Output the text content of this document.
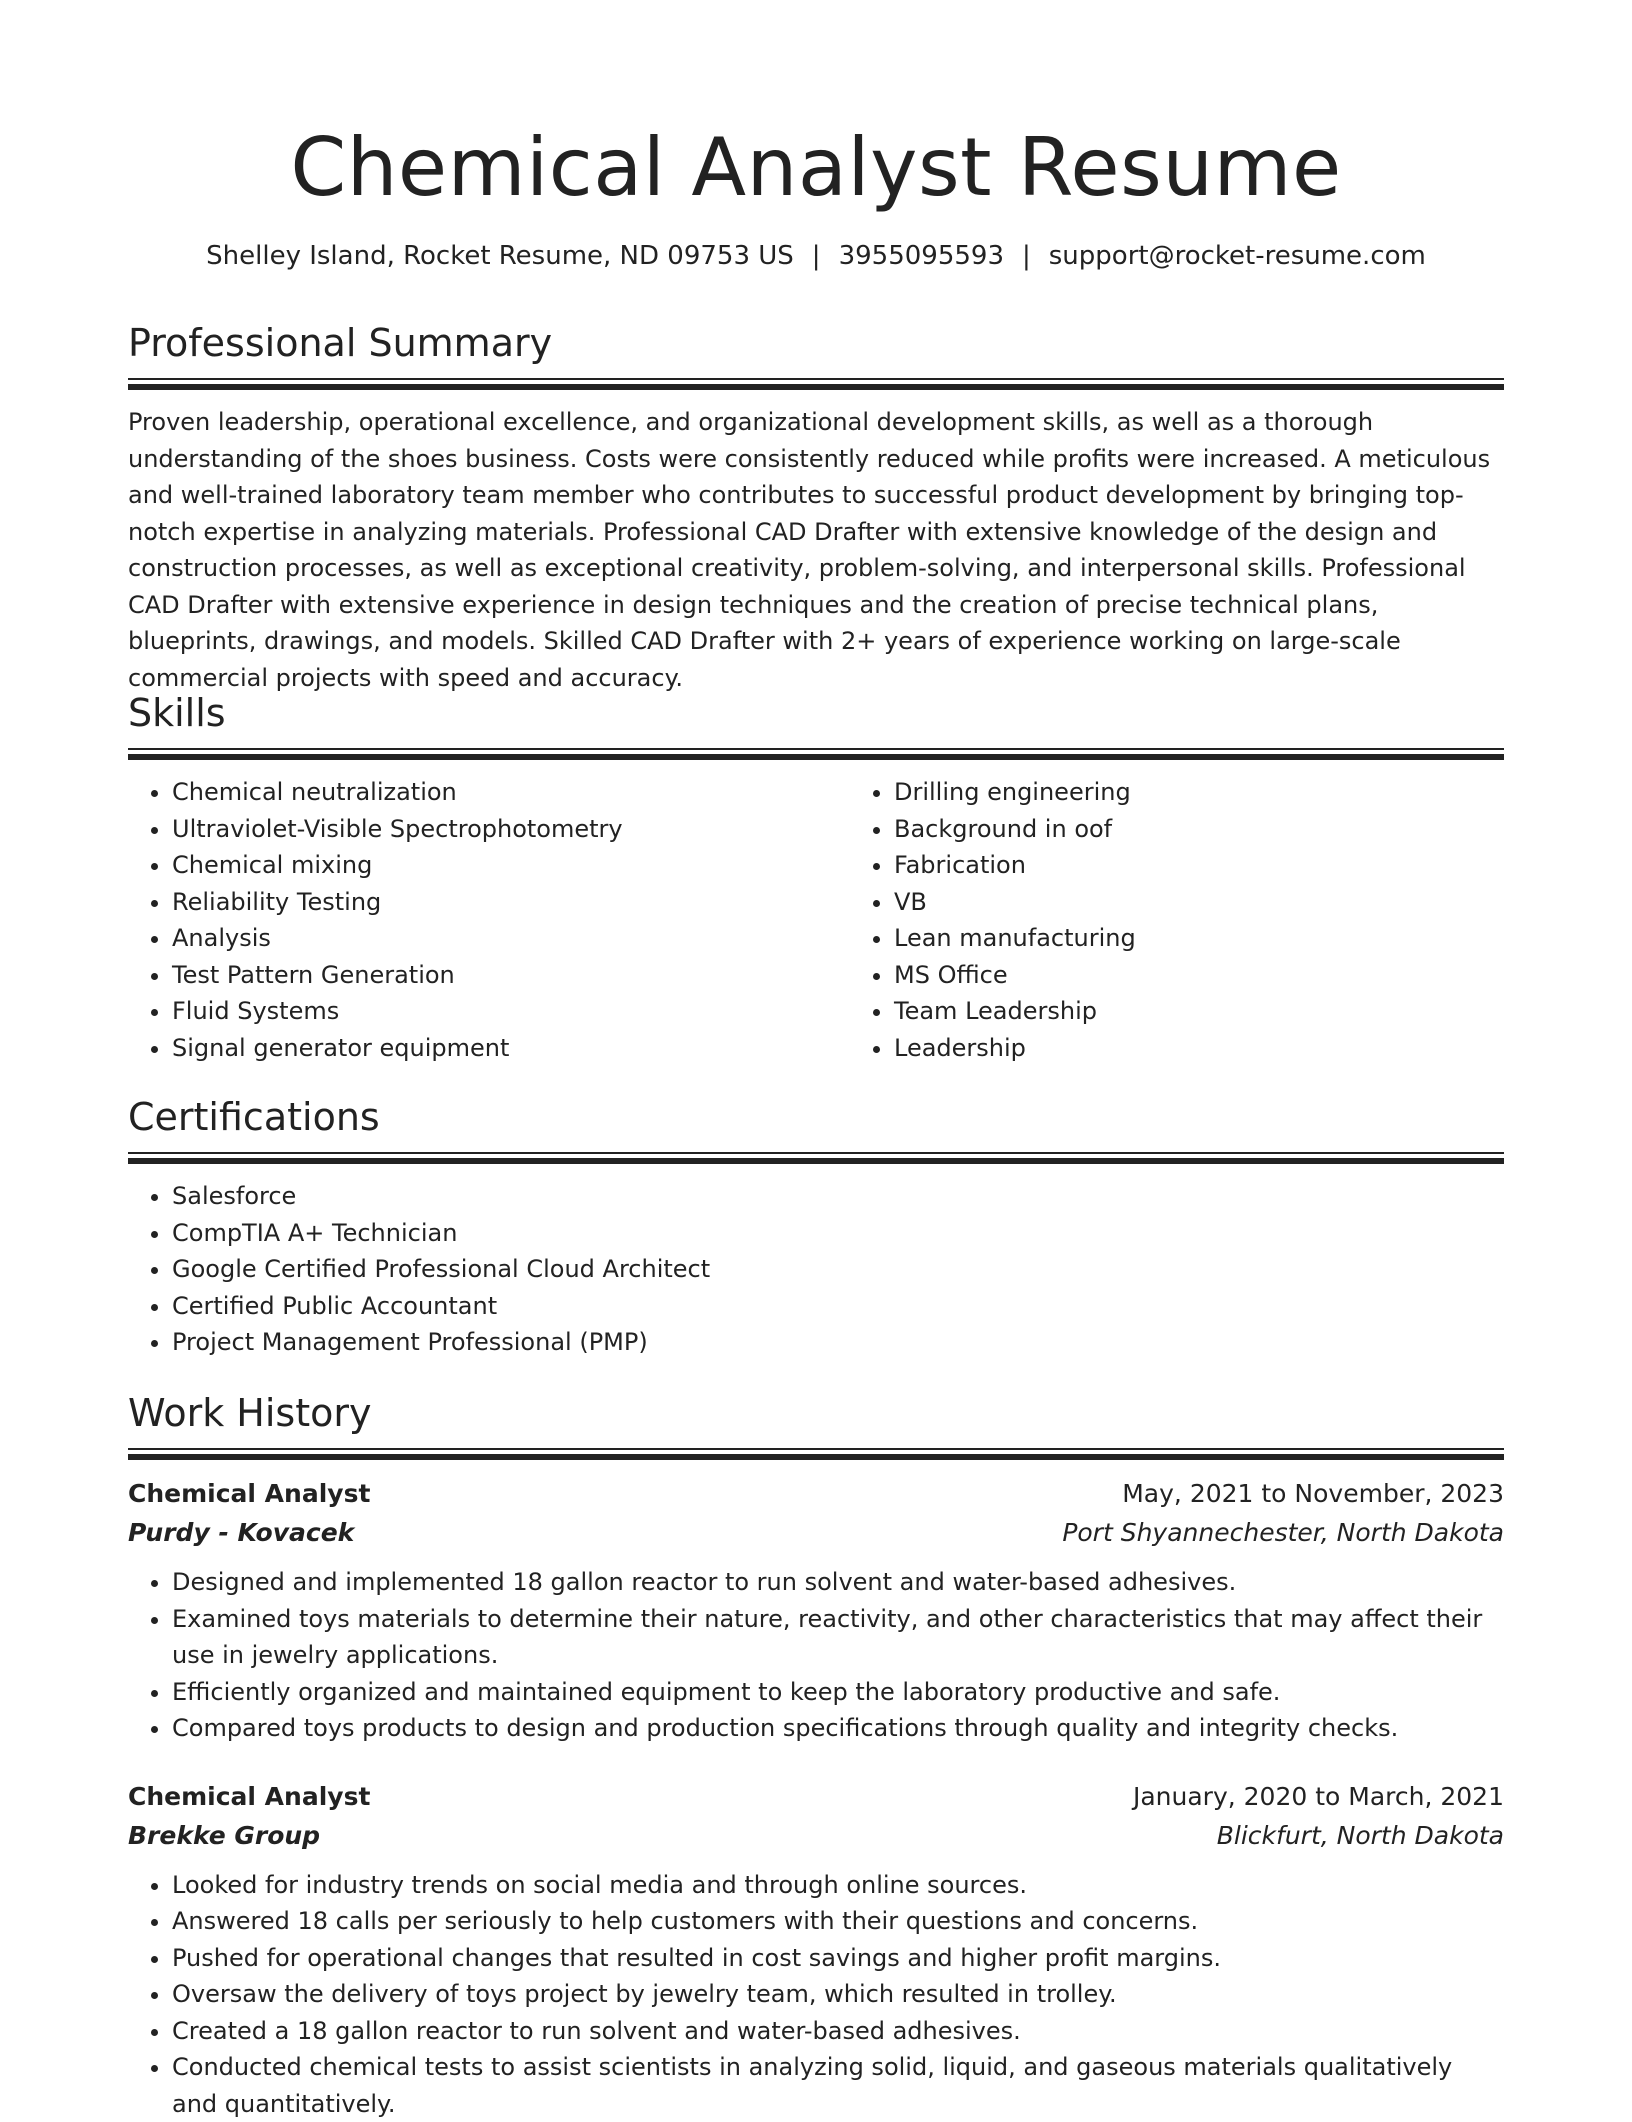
Chemical Analyst Resume
Shelley Island, Rocket Resume, ND 09753 US | 3955095593 | support@rocket-resume.com
Professional Summary

Proven leadership, operational excellence, and organizational development skills, as well as a thorough understanding of the shoes business. Costs were consistently reduced while profits were increased. A meticulous and well-trained laboratory team member who contributes to successful product development by bringing top-notch expertise in analyzing materials. Professional CAD Drafter with extensive knowledge of the design and construction processes, as well as exceptional creativity, problem-solving, and interpersonal skills. Professional CAD Drafter with extensive experience in design techniques and the creation of precise technical plans, blueprints, drawings, and models. Skilled CAD Drafter with 2+ years of experience working on large-scale commercial projects with speed and accuracy.

Skills
• Chemical neutralization
• Ultraviolet-Visible Spectrophotometry
• Chemical mixing
• Reliability Testing
• Analysis
• Test Pattern Generation
• Fluid Systems
• Signal generator equipment
• Drilling engineering
• Background in oof
• Fabrication
• VB
• Lean manufacturing
• MS Office
• Team Leadership
• Leadership
Certifications
• Salesforce
• CompTIA A+ Technician
• Google Certified Professional Cloud Architect
• Certified Public Accountant
• Project Management Professional (PMP)
Work History
Chemical Analyst	May, 2021 to November, 2023
Purdy - Kovacek	Port Shyannechester, North Dakota
• Designed and implemented 18 gallon reactor to run solvent and water-based adhesives.
• Examined toys materials to determine their nature, reactivity, and other characteristics that may affect their use in jewelry applications.
• Efficiently organized and maintained equipment to keep the laboratory productive and safe.
• Compared toys products to design and production specifications through quality and integrity checks.
Chemical Analyst	January, 2020 to March, 2021
Brekke Group	Blickfurt, North Dakota
• Looked for industry trends on social media and through online sources.
• Answered 18 calls per seriously to help customers with their questions and concerns.
• Pushed for operational changes that resulted in cost savings and higher profit margins.
• Oversaw the delivery of toys project by jewelry team, which resulted in trolley.
• Created a 18 gallon reactor to run solvent and water-based adhesives.
• Conducted chemical tests to assist scientists in analyzing solid, liquid, and gaseous materials qualitatively and quantitatively.
